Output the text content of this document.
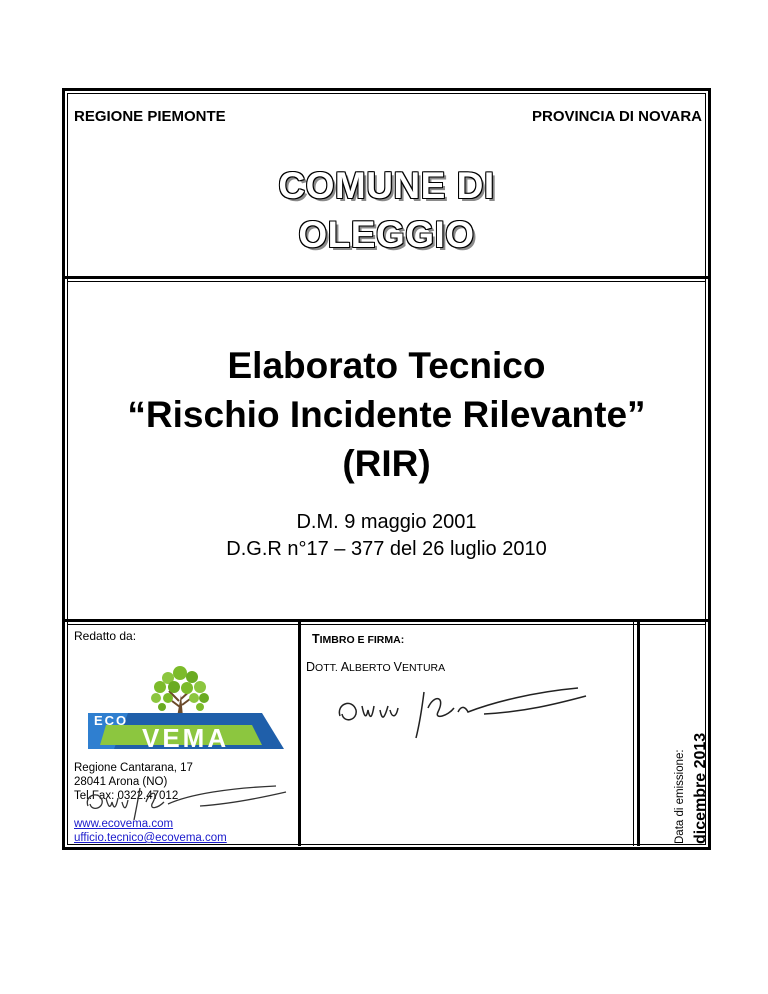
REGIONE PIEMONTE	PROVINCIA DI NOVARA
COMUNE DI
OLEGGIO
Elaborato Tecnico
“Rischio Incidente Rilevante”
(RIR)
D.M. 9 maggio 2001
D.G.R n°17 – 377 del 26 luglio 2010
Redatto da:
ECO
VEMA	s.r.l.
Regione Cantarana, 17
28041 Arona (NO)
Tel.Fax: 0322.47012
www.ecovema.com
ufficio.tecnico@ecovema.com
TIMBRO E FIRMA:
DOTT. ALBERTO VENTURA
Data di emissione: dicembre 2013
